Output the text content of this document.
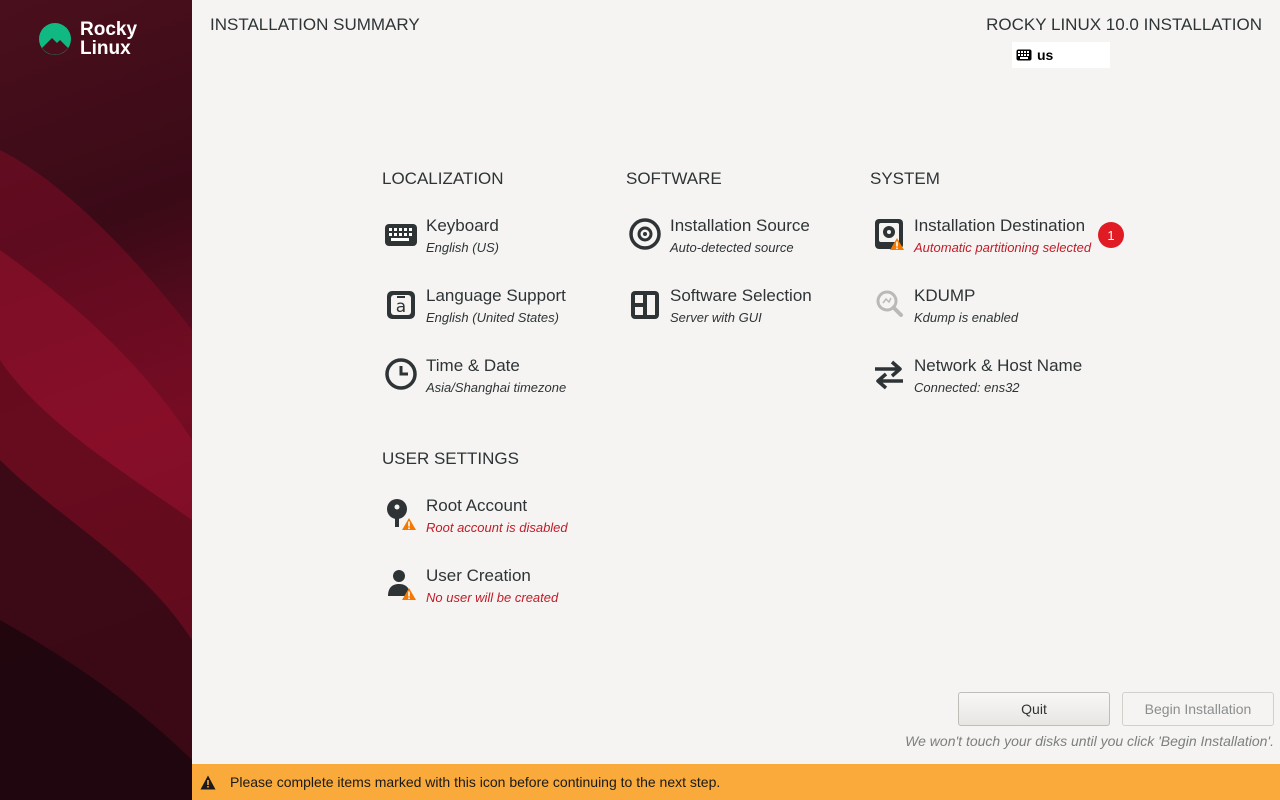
Rocky
Linux
INSTALLATION SUMMARY	ROCKY LINUX 10.0 INSTALLATION
us
LOCALIZATION
Keyboard
English (US)
a
Language Support
English (United States)
Time & Date
Asia/Shanghai timezone
SOFTWARE
Installation Source
Auto-detected source
Software Selection
Server with GUI
SYSTEM
Installation Destination
Automatic partitioning selected
1
KDUMP
Kdump is enabled
Network & Host Name
Connected: ens32
USER SETTINGS
Root Account
Root account is disabled
User Creation
No user will be created
Quit	Begin Installation
We won't touch your disks until you click 'Begin Installation'.
Please complete items marked with this icon before continuing to the next step.
